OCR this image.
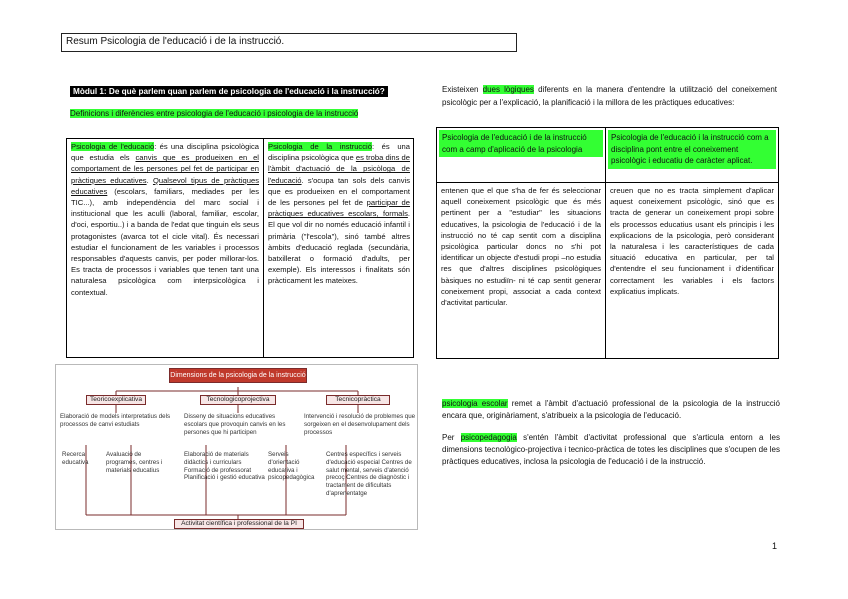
Resum Psicologia de l'educació i de la instrucció.
Mòdul 1: De què parlem quan parlem de psicologia de l'educació i la instrucció?
Definicions i diferències entre psicologia de l'educació i psicologia de la instrucció
Psicologia de l'educació: és una disciplina psicològica que estudia els canvis que es produeixen en el comportament de les persones pel fet de participar en pràctiques educatives. Qualsevol tipus de pràctiques educatives (escolars, familiars, mediades per les TIC...), amb independència del marc social i institucional que les aculli (laboral, familiar, escolar, d'oci, esportiu..) i a banda de l'edat que tinguin els seus protagonistes (avarca tot el cicle vital). És necessari estudiar el funcionament de les variables i processos responsables d'aquests canvis, per poder millorar-los. Es tracta de processos i variables que tenen tant una naturalesa psicològica com interpsicològica i contextual.
Psicologia de la instrucció: és una disciplina psicològica que es troba dins de l'àmbit d'actuació de la psicòloga de l'educació. s'ocupa tan sols dels canvis que es produeixen en el comportament de les persones pel fet de participar de pràctiques educatives escolars, formals. El que vol dir no només educació infantil i primària ("l'escola"), sinó també altres àmbits d'educació reglada (secundària, batxillerat o formació d'adults, per exemple). Els interessos i finalitats són pràcticament les mateixes.
Existeixen dues lògiques diferents en la manera d'entendre la utilització del coneixement psicològic per a l'explicació, la planificació i la millora de les pràctiques educatives:
Psicologia de l'educació i de la instrucció com a camp d'aplicació de la psicologia
Psicologia de l'educació i la instrucció com a disciplina pont entre el coneixement psicològic i educatiu de caràcter aplicat.
entenen que el que s'ha de fer és seleccionar aquell coneixement psicològic que és més pertinent per a "estudiar" les situacions educatives, la psicologia de l'educació i de la instrucció no té cap sentit com a disciplina psicològica particular doncs no s'hi pot identificar un objecte d'estudi propi –no estudia res que d'altres disciplines psicològiques bàsiques no estudiïn- ni té cap sentit generar coneixement propi, associat a cada context d'activitat particular.
creuen que no es tracta simplement d'aplicar aquest coneixement psicològic, sinó que es tracta de generar un coneixement propi sobre els processos educatius usant els principis i les explicacions de la psicologia, però considerant la naturalesa i les característiques de cada situació educativa en particular, per tal d'entendre el seu funcionament i d'identificar correctament les variables i els factors explicatius implicats.
Dimensions de la psicologia de la instrucció
Teoricoexplicativa	Tecnologicoprojectiva	Tecnicopràctica
Elaboració de models interpretatius dels processos de canvi estudiats
Disseny de situacions educatives escolars que provoquin canvis en les persones que hi participen
Intervenció i resolució de problemes que sorgeixen en el desenvolupament dels processos
Recerca educativa
Avaluació de programes, centres i materials educatius
Elaboració de materials didàctics i curriculars Formació de professorat Planificació i gestió educativa
Serveis d'orientació educativa i psicopedagògica
Centres específics i serveis d'educació especial Centres de salut mental, serveis d'atenció precoç Centres de diagnòstic i tractament de dificultats d'aprenentatge
Activitat científica i professional de la PI
psicologia escolar remet a l'àmbit d'actuació professional de la psicologia de la instrucció encara que, originàriament, s'atribueix a la psicologia de l'educació.
Per psicopedagogia s'entén l'àmbit d'activitat professional que s'articula entorn a les dimensions tecnològico-projectiva i tecnico-pràctica de totes les disciplines que s'ocupen de les pràctiques educatives, inclosa la psicologia de l'educació i de la instrucció.
1
